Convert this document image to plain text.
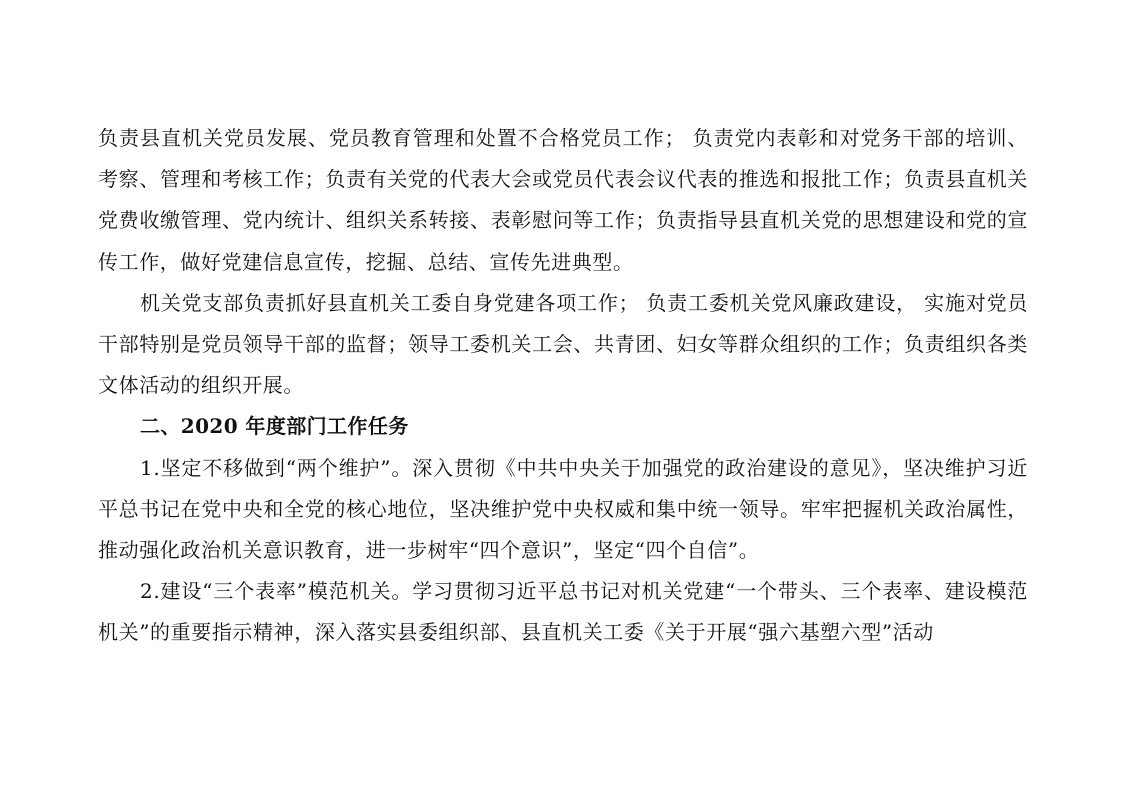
负责县直机关党员发展、党员教育管理和处置不合格党员工作； 负责党内表彰和对党务干部的培训、考察、管理和考核工作；负责有关党的代表大会或党员代表会议代表的推选和报批工作；负责县直机关党费收缴管理、党内统计、组织关系转接、表彰慰问等工作；负责指导县直机关党的思想建设和党的宣传工作，做好党建信息宣传，挖掘、总结、宣传先进典型。

机关党支部负责抓好县直机关工委自身党建各项工作； 负责工委机关党风廉政建设， 实施对党员干部特别是党员领导干部的监督；领导工委机关工会、共青团、妇女等群众组织的工作；负责组织各类文体活动的组织开展。

二、2020 年度部门工作任务

1.坚定不移做到“两个维护”。深入贯彻《中共中央关于加强党的政治建设的意见》，坚决维护习近平总书记在党中央和全党的核心地位，坚决维护党中央权威和集中统一领导。牢牢把握机关政治属性，推动强化政治机关意识教育，进一步树牢“四个意识”，坚定“四个自信”。

2.建设“三个表率”模范机关。学习贯彻习近平总书记对机关党建“一个带头、三个表率、建设模范机关”的重要指示精神，深入落实县委组织部、县直机关工委《关于开展“强六基塑六型”活动
